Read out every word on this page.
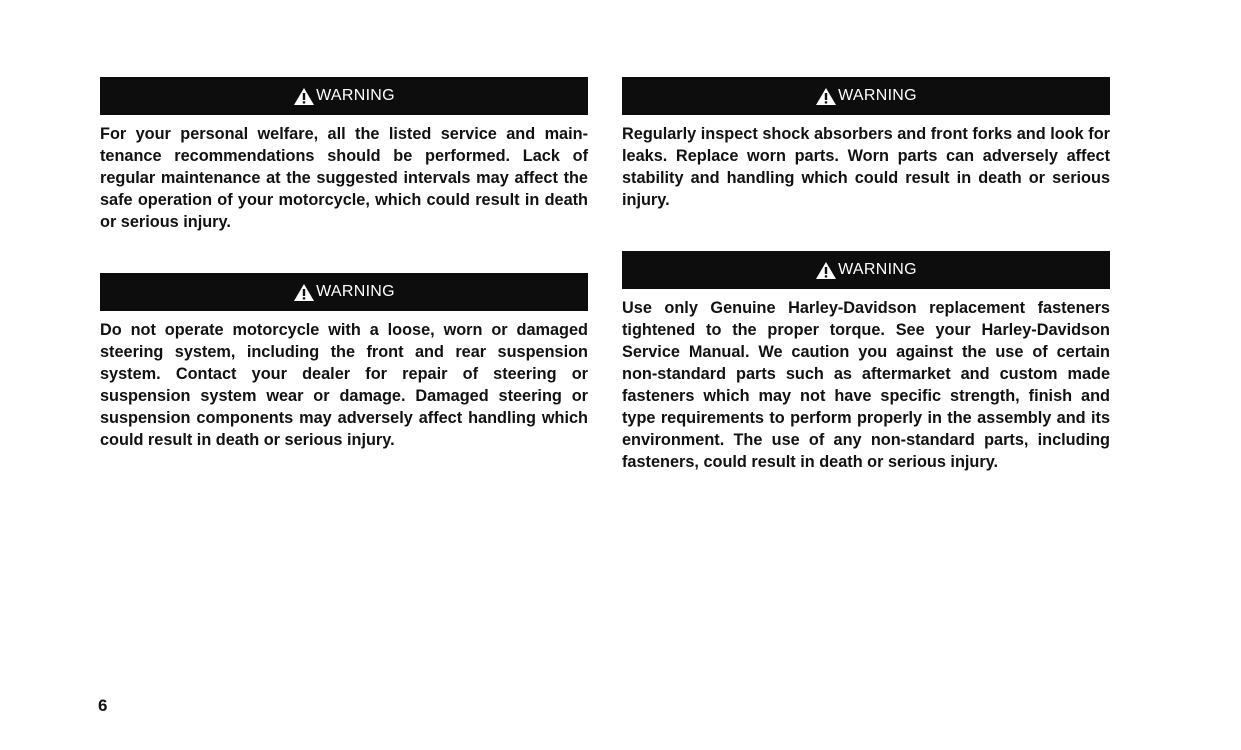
WARNING

For your personal welfare, all the listed service and maintenance recommendations should be performed. Lack of regular maintenance at the suggested intervals may affect the safe operation of your motorcycle, which could result in death or serious injury.

WARNING

Do not operate motorcycle with a loose, worn or damaged steering system, including the front and rear suspension system. Contact your dealer for repair of steering or suspension system wear or damage. Damaged steering or suspension components may adversely affect handling which could result in death or serious injury.

WARNING

Regularly inspect shock absorbers and front forks and look for leaks. Replace worn parts. Worn parts can adversely affect stability and handling which could result in death or serious injury.

WARNING

Use only Genuine Harley-Davidson replacement fasteners tightened to the proper torque. See your Harley-Davidson Service Manual. We caution you against the use of certain non-standard parts such as aftermarket and custom made fasteners which may not have specific strength, finish and type requirements to perform properly in the assembly and its environment. The use of any non-standard parts, including fasteners, could result in death or serious injury.

6
